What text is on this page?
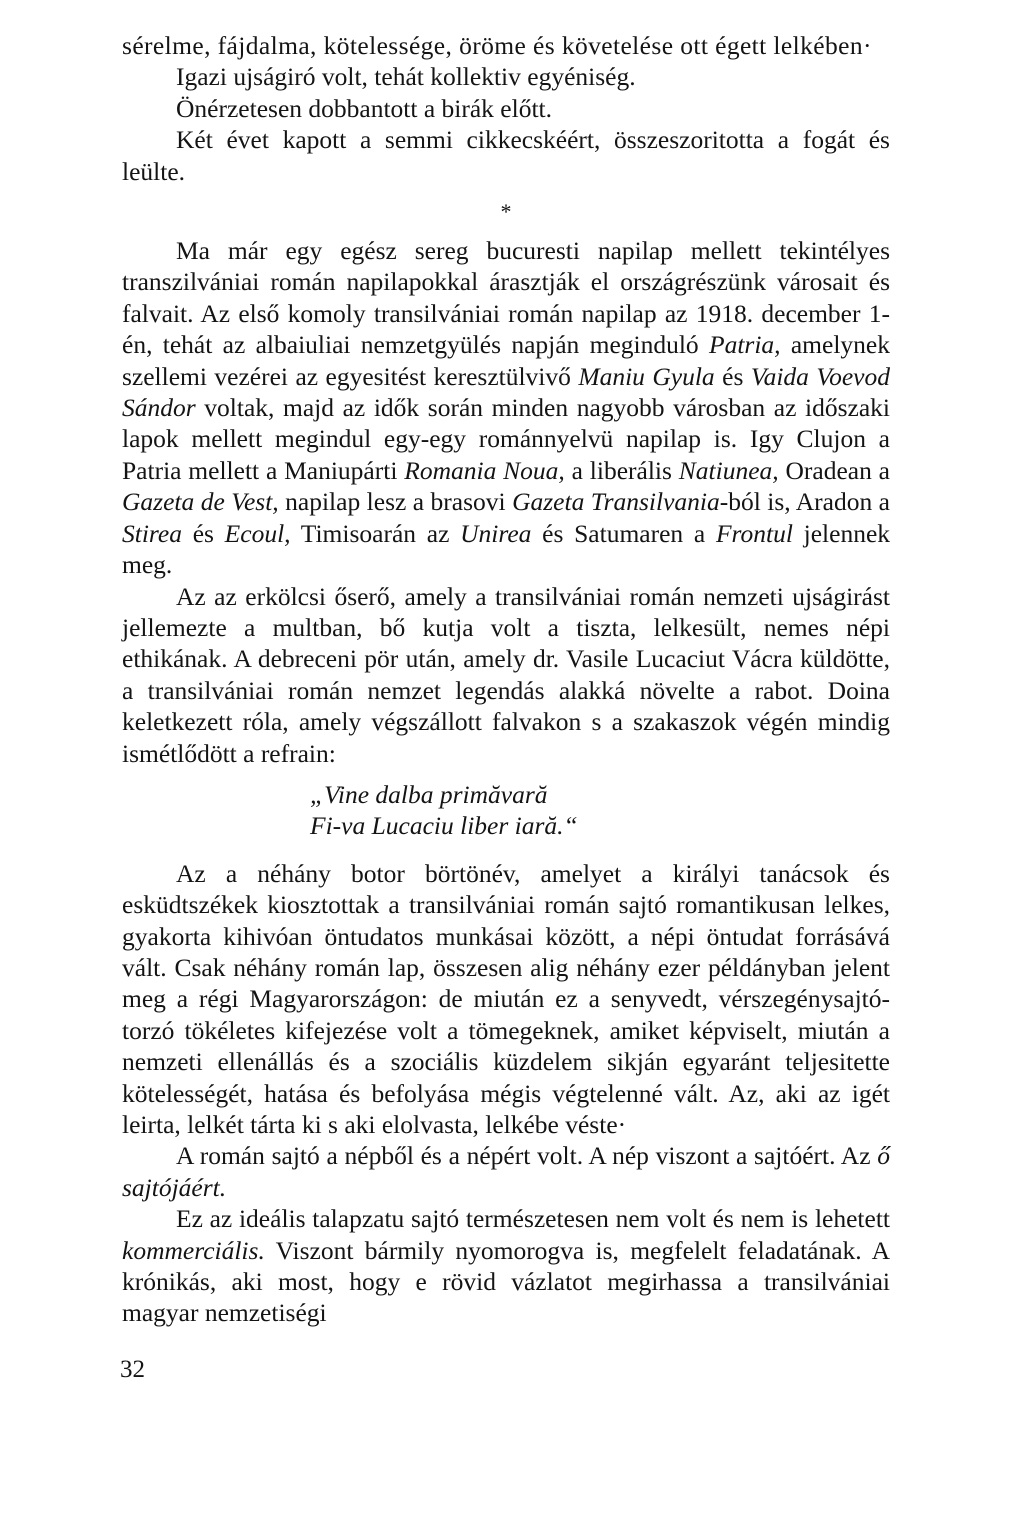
sérelme, fájdalma, kötelessége, öröme és követelése ott égett lelkében·

Igazi ujságiró volt, tehát kollektiv egyéniség.

Önérzetesen dobbantott a birák előtt.

Két évet kapott a semmi cikkecskéért, összeszoritotta a fogát és leülte.

*

Ma már egy egész sereg bucuresti napilap mellett tekintélyes transzilvániai román napilapokkal árasztják el országrészünk városait és falvait. Az első komoly transilvániai román napilap az 1918. december 1-én, tehát az albaiuliai nemzetgyülés napján meginduló Patria, amelynek szellemi vezérei az egyesitést keresztülvivő Maniu Gyula és Vaida Voevod Sándor voltak, majd az idők során minden nagyobb városban az időszaki lapok mellett megindul egy-egy románnyelvü napilap is. Igy Clujon a Patria mellett a Maniupárti Romania Noua, a liberális Natiunea, Oradean a Gazeta de Vest, napilap lesz a brasovi Gazeta Transilvania-ból is, Aradon a Stirea és Ecoul, Timisoarán az Unirea és Satumaren a Frontul jelennek meg.

Az az erkölcsi őserő, amely a transilvániai román nemzeti ujságirást jellemezte a multban, bő kutja volt a tiszta, lelkesült, nemes népi ethikának. A debreceni pör után, amely dr. Vasile Lucaciut Vácra küldötte, a transilvániai román nemzet legendás alakká növelte a rabot. Doina keletkezett róla, amely végszállott falvakon s a szakaszok végén mindig ismétlődött a refrain:

„Vine dalba primăvară
Fi-va Lucaciu liber iară.“

Az a néhány botor börtönév, amelyet a királyi tanácsok és esküdtszékek kiosztottak a transilvániai román sajtó romantikusan lelkes, gyakorta kihivóan öntudatos munkásai között, a népi öntudat forrásává vált. Csak néhány román lap, összesen alig néhány ezer példányban jelent meg a régi Magyarországon: de miután ez a senyvedt, vérszegénysajtó-torzó tökéletes kifejezése volt a tömegeknek, amiket képviselt, miután a nemzeti ellenállás és a szociális küzdelem sikján egyaránt teljesitette kötelességét, hatása és befolyása mégis végtelenné vált. Az, aki az igét leirta, lelkét tárta ki s aki elolvasta, lelkébe véste·

A román sajtó a népből és a népért volt. A nép viszont a sajtóért. Az ő sajtójáért.

Ez az ideális talapzatu sajtó természetesen nem volt és nem is lehetett kommerciális. Viszont bármily nyomorogva is, megfelelt feladatának. A krónikás, aki most, hogy e rövid vázlatot megirhassa a transilvániai magyar nemzetiségi

32
